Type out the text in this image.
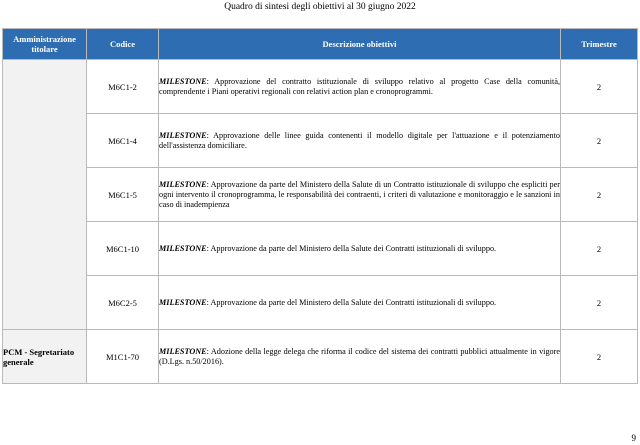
Quadro di sintesi degli obiettivi al 30 giugno 2022
Amministrazione titolare	Codice	Descrizione obiettivi	Trimestre
	M6C1-2	MILESTONE: Approvazione del contratto istituzionale di sviluppo relativo al progetto Case della comunità, comprendente i Piani operativi regionali con relativi action plan e cronoprogrammi.	2
	M6C1-4	MILESTONE: Approvazione delle linee guida contenenti il modello digitale per l'attuazione e il potenziamento dell'assistenza domiciliare.	2
	M6C1-5	MILESTONE: Approvazione da parte del Ministero della Salute di un Contratto istituzionale di sviluppo che espliciti per ogni intervento il cronoprogramma, le responsabilità dei contraenti, i criteri di valutazione e monitoraggio e le sanzioni in caso di inadempienza	2
	M6C1-10	MILESTONE: Approvazione da parte del Ministero della Salute dei Contratti istituzionali di sviluppo.	2
	M6C2-5	MILESTONE: Approvazione da parte del Ministero della Salute dei Contratti istituzionali di sviluppo.	2
PCM - Segretariato generale	M1C1-70	MILESTONE: Adozione della legge delega che riforma il codice del sistema dei contratti pubblici attualmente in vigore (D.Lgs. n.50/2016).	2
9
